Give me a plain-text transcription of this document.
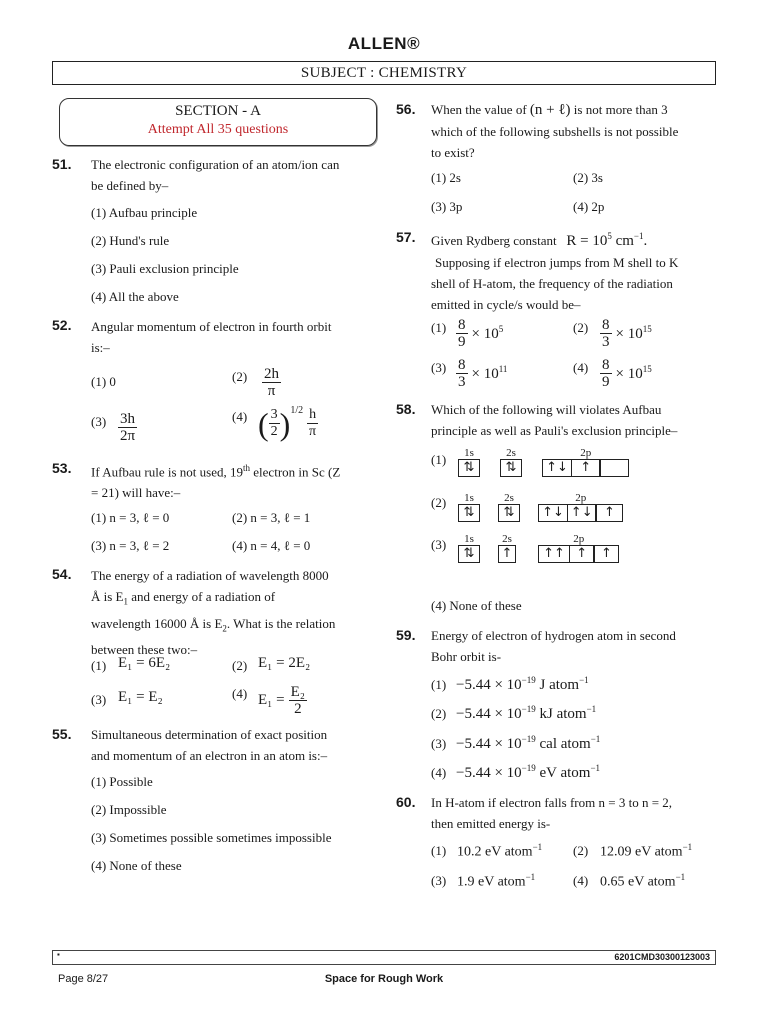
ALLEN®
SUBJECT : CHEMISTRY
SECTION - A
Attempt All 35 questions
51. The electronic configuration of an atom/ion can
be defined by–
(1) Aufbau principle
(2) Hund's rule
(3) Pauli exclusion principle
(4) All the above
52. Angular momentum of electron in fourth orbit
is:–
(1) 0	$(2) \frac{2h}{\pi}$
$(3) \frac{3h}{2\pi}$	(4) ( $\frac{3}{2}$ ) $1/2 \frac{h}{\pi}$
53. If Aufbau rule is not used, 19th electron in Sc (Z
= 21) will have:–
(1) n = 3, ℓ = 0	(2) n = 3, ℓ = 1
(3) n = 3, ℓ = 2	(4) n = 4, ℓ = 0
54. The energy of a radiation of wavelength 8000
Å is $E_1$ and energy of a radiation of
wavelength 16000 Å is $E_2$. What is the relation
between these two:–
(1) E₁ = 6E₂	(2) E₁ = 2E₂
(3) E₁ = E₂	(4) $E_1 = \frac{\text{E₂}}{2}$
55. Simultaneous determination of exact position
and momentum of an electron in an atom is:–
(1) Possible
(2) Impossible
(3) Sometimes possible sometimes impossible
(4) None of these
56. When the value of (n + ℓ) is not more than 3
which of the following subshells is not possible
to exist?
(1) 2s	(2) 3s
(3) 3p	(4) 2p
57. Given Rydberg constant $R = 10^5$ $cm^{-1}$.
Supposing if electron jumps from M shell to K
shell of H-atom, the frequency of the radiation
emitted in cycle/s would be–
$(1) \frac{8}{9} \times 10^5$	$(2) \frac{8}{3} \times 10^{15}$
$(3) \frac{8}{3} \times 10^{11}$	$(4) \frac{8}{9} \times 10^{15}$
58. Which of the following will violates Aufbau
principle as well as Pauli's exclusion principle–
(1) 1s
⇅
2s
⇅
2p
↑↓ ↑
(2) 1s
⇅
2s
⇅
2p
↑↓ ↑↓ ↑
(3) 1s
⇅
2s
↑
2p
↑↑ ↑	↑
(4) None of these
59. Energy of electron of hydrogen atom in second
Bohr orbit is-
$(1) -5.44 \times 10^{-19}$ J atom$^{-1}$
$(2) -5.44 \times 10^{-19}$ kJ atom$^{-1}$
$(3) -5.44 \times 10^{-19}$ cal atom$^{-1}$
$(4) -5.44 \times 10^{-19}$ eV atom$^{-1}$
60. In H-atom if electron falls from n = 3 to n = 2,
then emitted energy is-
(1) 10.2 eV atom$^{-1}$ (2) 12.09 eV atom$^{-1}$
(3) 1.9 eV atom$^{-1}$	(4) 0.65 eV atom$^{-1}$
▪	6201CMD30300123003
Page 8/27	Space for Rough Work
